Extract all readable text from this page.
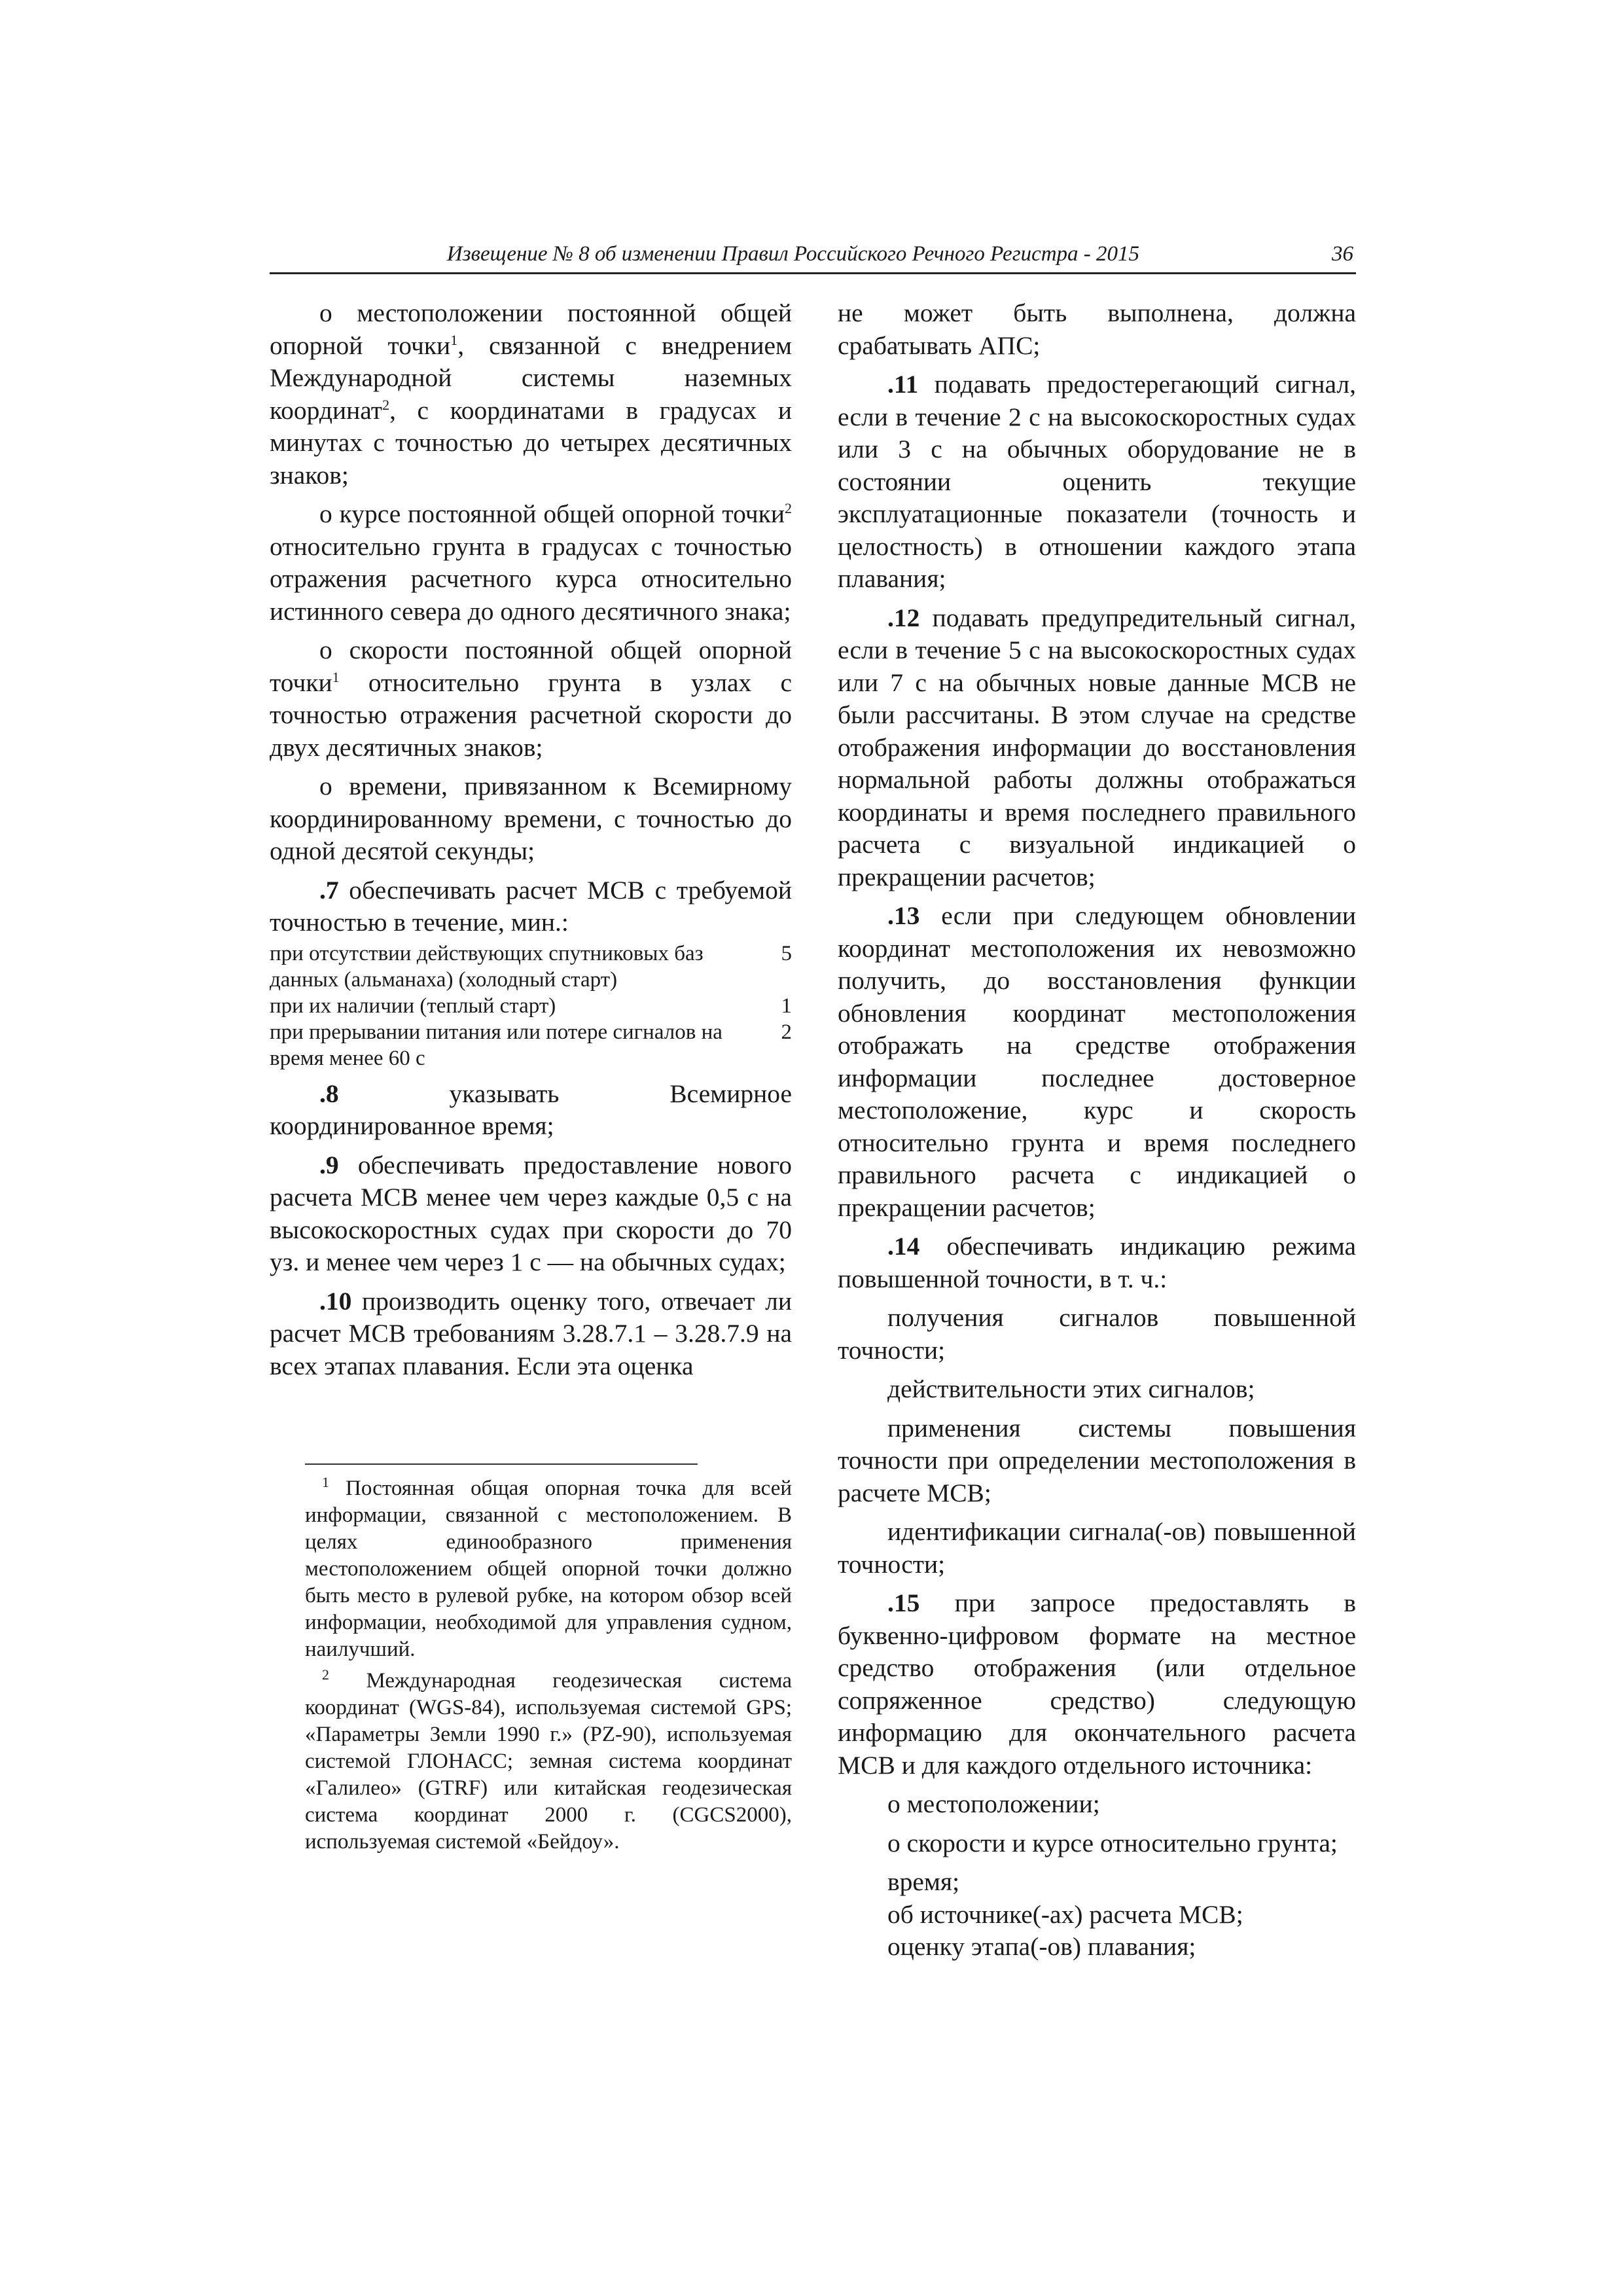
Извещение № 8 об изменении Правил Российского Речного Регистра - 2015	36

о местоположении постоянной общей опорной точки$^1$, связанной с внедрением Международной системы наземных координат$^2$, с координатами в градусах и минутах с точностью до четырех десятичных знаков;

о курсе постоянной общей опорной точки$^2$ относительно грунта в градусах с точностью отражения расчетного курса относительно истинного севера до одного десятичного знака;

о скорости постоянной общей опорной точки$^1$ относительно грунта в узлах с точностью отражения расчетной скорости до двух десятичных знаков;

о времени, привязанном к Всемирному координированному времени, с точностью до одной десятой секунды;

.7 обеспечивать расчет МСВ с требуемой точностью в течение, мин.:

при отсутствии действующих спутниковых баз данных (альманаха) (холодный старт)
5
при их наличии (теплый старт)	1
при прерывании питания или потере сигналов на время менее 60 с
2

.8 указывать Всемирное координированное время;

.9 обеспечивать предоставление нового расчета МСВ менее чем через каждые 0,5 с на высокоскоростных судах при скорости до 70 уз. и менее чем через 1 с — на обычных судах;

.10 производить оценку того, отвечает ли расчет МСВ требованиям 3.28.7.1 – 3.28.7.9 на всех этапах плавания. Если эта оценка

$^1$ Постоянная общая опорная точка для всей информации, связанной с местоположением. В целях единообразного применения местоположением общей опорной точки должно быть место в рулевой рубке, на котором обзор всей информации, необходимой для управления судном, наилучший.

$^2$ Международная геодезическая система координат (WGS-84), используемая системой GPS; «Параметры Земли 1990 г.» (PZ-90), используемая системой ГЛОНАСС; земная система координат «Галилео» (GTRF) или китайская геодезическая система координат 2000 г. (CGCS2000), используемая системой «Бейдоу».

не может быть выполнена, должна срабатывать АПС;

.11 подавать предостерегающий сигнал, если в течение 2 с на высокоскоростных судах или 3 с на обычных оборудование не в состоянии оценить текущие эксплуатационные показатели (точность и целостность) в отношении каждого этапа плавания;

.12 подавать предупредительный сигнал, если в течение 5 с на высокоскоростных судах или 7 с на обычных новые данные МСВ не были рассчитаны. В этом случае на средстве отображения информации до восстановления нормальной работы должны отображаться координаты и время последнего правильного расчета с визуальной индикацией о прекращении расчетов;

.13 если при следующем обновлении координат местоположения их невозможно получить, до восстановления функции обновления координат местоположения отображать на средстве отображения информации последнее достоверное местоположение, курс и скорость относительно грунта и время последнего правильного расчета с индикацией о прекращении расчетов;

.14 обеспечивать индикацию режима повышенной точности, в т. ч.:

получения сигналов повышенной точности;

действительности этих сигналов;

применения системы повышения точности при определении местоположения в расчете МСВ;

идентификации сигнала(-ов) повышенной точности;

.15 при запросе предоставлять в буквенно-цифровом формате на местное средство отображения (или отдельное сопряженное средство) следующую информацию для окончательного расчета МСВ и для каждого отдельного источника:

о местоположении;

о скорости и курсе относительно грунта;

время;

об источнике(-ах) расчета МСВ;

оценку этапа(-ов) плавания;
